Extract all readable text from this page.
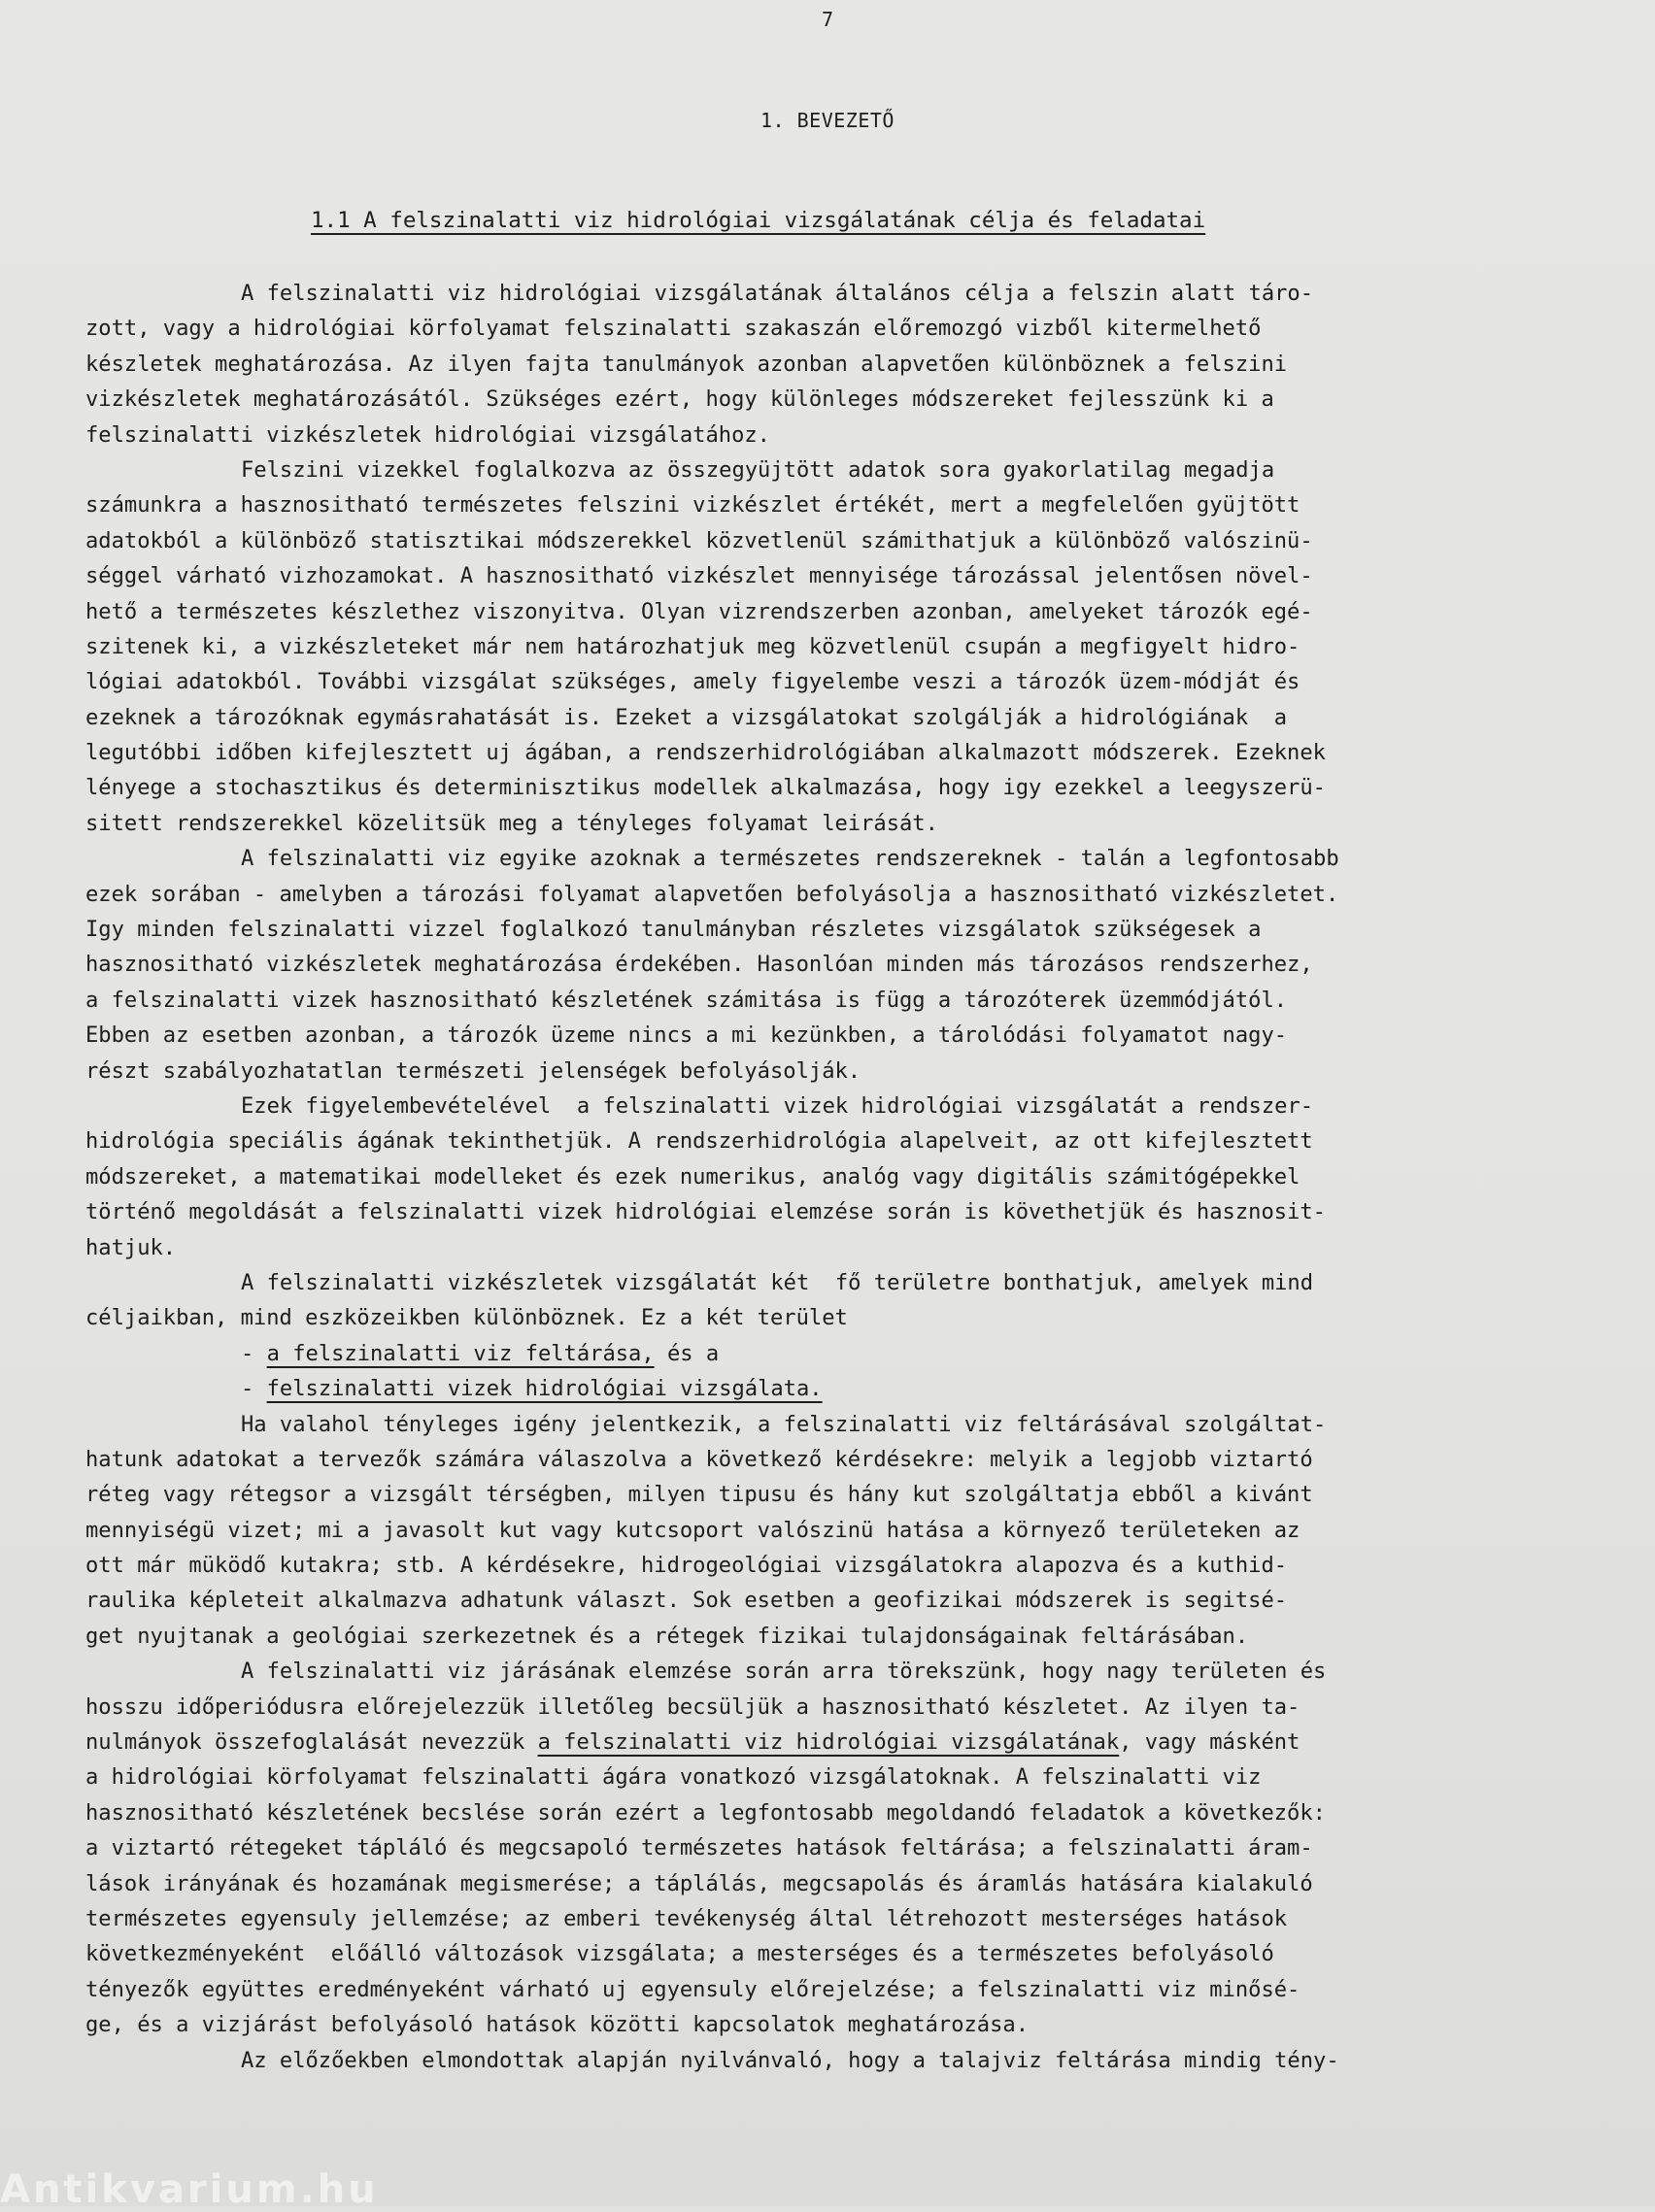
7
1. BEVEZETŐ
1.1 A felszinalatti viz hidrológiai vizsgálatának célja és feladatai
A felszinalatti viz hidrológiai vizsgálatának általános célja a felszin alatt táro-
zott, vagy a hidrológiai körfolyamat felszinalatti szakaszán előremozgó vizből kitermelhető
készletek meghatározása. Az ilyen fajta tanulmányok azonban alapvetően különböznek a felszini
vizkészletek meghatározásától. Szükséges ezért, hogy különleges módszereket fejlesszünk ki a
felszinalatti vizkészletek hidrológiai vizsgálatához.
Felszini vizekkel foglalkozva az összegyüjtött adatok sora gyakorlatilag megadja
számunkra a hasznositható természetes felszini vizkészlet értékét, mert a megfelelően gyüjtött
adatokból a különböző statisztikai módszerekkel közvetlenül számithatjuk a különböző valószinü-
séggel várható vizhozamokat. A hasznositható vizkészlet mennyisége tározással jelentősen növel-
hető a természetes készlethez viszonyitva. Olyan vizrendszerben azonban, amelyeket tározók egé-
szitenek ki, a vizkészleteket már nem határozhatjuk meg közvetlenül csupán a megfigyelt hidro-
lógiai adatokból. További vizsgálat szükséges, amely figyelembe veszi a tározók üzem-módját és
ezeknek a tározóknak egymásrahatását is. Ezeket a vizsgálatokat szolgálják a hidrológiának  a
legutóbbi időben kifejlesztett uj ágában, a rendszerhidrológiában alkalmazott módszerek. Ezeknek
lényege a stochasztikus és determinisztikus modellek alkalmazása, hogy igy ezekkel a leegyszerü-
sitett rendszerekkel közelitsük meg a tényleges folyamat leirását.
A felszinalatti viz egyike azoknak a természetes rendszereknek - talán a legfontosabb
ezek sorában - amelyben a tározási folyamat alapvetően befolyásolja a hasznositható vizkészletet.
Igy minden felszinalatti vizzel foglalkozó tanulmányban részletes vizsgálatok szükségesek a
hasznositható vizkészletek meghatározása érdekében. Hasonlóan minden más tározásos rendszerhez,
a felszinalatti vizek hasznositható készletének számitása is függ a tározóterek üzemmódjától.
Ebben az esetben azonban, a tározók üzeme nincs a mi kezünkben, a tárolódási folyamatot nagy-
részt szabályozhatatlan természeti jelenségek befolyásolják.
Ezek figyelembevételével  a felszinalatti vizek hidrológiai vizsgálatát a rendszer-
hidrológia speciális ágának tekinthetjük. A rendszerhidrológia alapelveit, az ott kifejlesztett
módszereket, a matematikai modelleket és ezek numerikus, analóg vagy digitális számitógépekkel
történő megoldását a felszinalatti vizek hidrológiai elemzése során is követhetjük és hasznosit-
hatjuk.
A felszinalatti vizkészletek vizsgálatát két  fő területre bonthatjuk, amelyek mind
céljaikban, mind eszközeikben különböznek. Ez a két terület
- a felszinalatti viz feltárása, és a
- felszinalatti vizek hidrológiai vizsgálata.
Ha valahol tényleges igény jelentkezik, a felszinalatti viz feltárásával szolgáltat-
hatunk adatokat a tervezők számára válaszolva a következő kérdésekre: melyik a legjobb viztartó
réteg vagy rétegsor a vizsgált térségben, milyen tipusu és hány kut szolgáltatja ebből a kivánt
mennyiségü vizet; mi a javasolt kut vagy kutcsoport valószinü hatása a környező területeken az
ott már müködő kutakra; stb. A kérdésekre, hidrogeológiai vizsgálatokra alapozva és a kuthid-
raulika képleteit alkalmazva adhatunk választ. Sok esetben a geofizikai módszerek is segitsé-
get nyujtanak a geológiai szerkezetnek és a rétegek fizikai tulajdonságainak feltárásában.
A felszinalatti viz járásának elemzése során arra törekszünk, hogy nagy területen és
hosszu időperiódusra előrejelezzük illetőleg becsüljük a hasznositható készletet. Az ilyen ta-
nulmányok összefoglalását nevezzük a felszinalatti viz hidrológiai vizsgálatának, vagy másként
a hidrológiai körfolyamat felszinalatti ágára vonatkozó vizsgálatoknak. A felszinalatti viz
hasznositható készletének becslése során ezért a legfontosabb megoldandó feladatok a következők:
a viztartó rétegeket tápláló és megcsapoló természetes hatások feltárása; a felszinalatti áram-
lások irányának és hozamának megismerése; a táplálás, megcsapolás és áramlás hatására kialakuló
természetes egyensuly jellemzése; az emberi tevékenység által létrehozott mesterséges hatások
következményeként  előálló változások vizsgálata; a mesterséges és a természetes befolyásoló
tényezők együttes eredményeként várható uj egyensuly előrejelzése; a felszinalatti viz minősé-
ge, és a vizjárást befolyásoló hatások közötti kapcsolatok meghatározása.
Az előzőekben elmondottak alapján nyilvánvaló, hogy a talajviz feltárása mindig tény-
Antikvarium.hu
